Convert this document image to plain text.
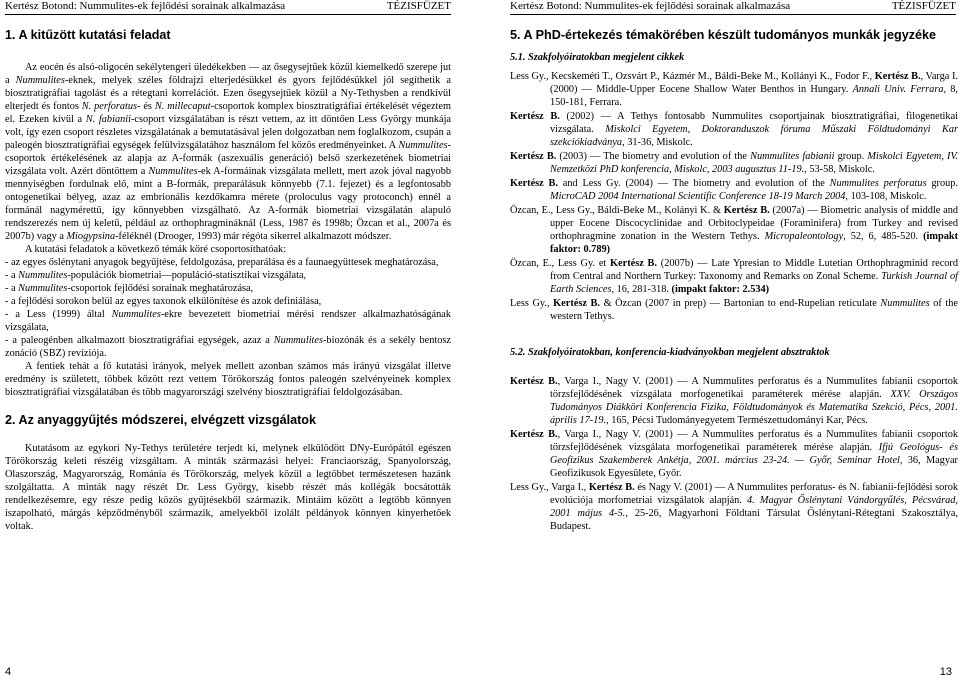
Kertész Botond: Nummulites-ek fejlődési sorainak alkalmazása	TÉZISFÜZET
1. A kitűzött kutatási feladat

Az eocén és alsó-oligocén sekélytengeri üledékekben — az ősegysejtűek közül kiemelkedő szerepe jut a Nummulites-eknek, melyek széles földrajzi elterjedésükkel és gyors fejlődésükkel jól segíthetik a biosztratigráfiai tagolást és a rétegtani korrelációt. Ezen ősegysejtűek közül a Ny-Tethysben a rendkívül elterjedt és fontos N. perforatus- és N. millecaput-csoportok komplex biosztratigráfiai értékelését végeztem el. Ezeken kívül a N. fabianii-csoport vizsgálatában is részt vettem, az itt döntően Less György munkája volt, így ezen csoport részletes vizsgálatának a bemutatásával jelen dolgozatban nem foglalkozom, csupán a paleogén biosztratigráfiai egységek felülvizsgálatához használom fel közös eredményeinket. A Nummulites-csoportok értékelésének az alapja az A-formák (aszexuális generáció) belső szerkezetének biometriai vizsgálata volt. Azért döntöttem a Nummulites-ek A-formáinak vizsgálata mellett, mert azok jóval nagyobb mennyiségben fordulnak elő, mint a B-formák, preparálásuk könnyebb (7.1. fejezet) és a legfontosabb ontogenetikai bélyeg, azaz az embrionális kezdőkamra mérete (proloculus vagy protoconch) ennél a formánál nagymérettű, így könnyebben vizsgálható. Az A-formák biometriai vizsgálatán alapuló rendszerezés nem új keletű, például az orthophragmináknál (Less, 1987 és 1998b; Özcan et al., 2007a és 2007b) vagy a Miogypsina-féléknél (Drooger, 1993) már régóta sikerrel alkalmazott módszer.

A kutatási feladatok a következő témák köré csoportosíthatóak:

- az egyes őslénytani anyagok begyűjtése, feldolgozása, preparálása és a faunaegyüttesek meghatározása,

- a Nummulites-populációk biometriai—populáció-statisztikai vizsgálata,

- a Nummulites-csoportok fejlődési sorainak meghatározása,

- a fejlődési sorokon belül az egyes taxonok elkülönítése és azok definiálása,

- a Less (1999) által Nummulites-ekre bevezetett biometriai mérési rendszer alkalmazhatóságának vizsgálata,

- a paleogénben alkalmazott biosztratigráfiai egységek, azaz a Nummulites-biozónák és a sekély bentosz zonáció (SBZ) revíziója.

A fentiek tehát a fő kutatási irányok, melyek mellett azonban számos más irányú vizsgálat illetve eredmény is született, többek között rezt vettem Törökország fontos paleogén szelvényeinek komplex biosztratigráfiai vizsgálatában és több magyarországi szelvény biosztratigráfiai feldolgozásában.

2. Az anyaggyűjtés módszerei, elvégzett vizsgálatok

Kutatásom az egykori Ny-Tethys területére terjedt ki, melynek elkülödött DNy-Európától egészen Törökország keleti részéig vizsgáltam. A minták származási helyei: Franciaország, Spanyolország, Olaszország, Magyarország, Románia és Törökország, melyek közül a legtöbbet természetesen hazánk szolgáltatta. A minták nagy részét Dr. Less György, kisebb részét más kollégák bocsátották rendelkezésemre, egy része pedig közös gyűjtésekből származik. Mintáim között a legtöbb könnyen iszapolható, márgás képződményből származik, amelyekből izolált példányok könnyen kinyerhetőek voltak.

4
Kertész Botond: Nummulites-ek fejlődési sorainak alkalmazása	TÉZISFÜZET
5. A PhD-értekezés témakörében készült tudományos munkák jegyzéke
5.1. Szakfolyóiratokban megjelent cikkek

Less Gy., Kecskeméti T., Ozsvárt P., Kázmér M., Báldi-Beke M., Kollányi K., Fodor F., Kertész B., Varga I. (2000) — Middle-Upper Eocene Shallow Water Benthos in Hungary. Annali Univ. Ferrara, 8, 150-181, Ferrara.

Kertész B. (2002) — A Tethys fontosabb Nummulites csoportjainak biosztratigráfiai, filogenetikai vizsgálata. Miskolci Egyetem, Doktoranduszok fóruma Műszaki Földtudományi Kar szekciókiadványa, 31-36, Miskolc.

Kertész B. (2003) — The biometry and evolution of the Nummulites fabianii group. Miskolci Egyetem, IV. Nemzetközi PhD konferencia, Miskolc, 2003 augusztus 11-19., 53-58, Miskolc.

Kertész B. and Less Gy. (2004) — The biometry and evolution of the Nummulites perforatus group. MicroCAD 2004 International Scientific Conference 18-19 March 2004, 103-108, Miskolc.

Özcan, E., Less Gy., Báldi-Beke M., Kolányi K. & Kertész B. (2007a) — Biometric analysis of middle and upper Eocene Discocyclinidae and Orbitoclypeidae (Foraminifera) from Turkey and revised orthophragmine zonation in the Western Tethys. Micropaleontology, 52, 6, 485-520. (impakt faktor: 0.789)

Özcan, E., Less Gy. et Kertész B. (2007b) — Late Ypresian to Middle Lutetian Orthophragminid record from Central and Northern Turkey: Taxonomy and Remarks on Zonal Scheme. Turkish Journal of Earth Sciences, 16, 281-318. (impakt faktor: 2.534)

Less Gy., Kertész B. & Özcan (2007 in prep) — Bartonian to end-Rupelian reticulate Nummulites of the western Tethys.

5.2. Szakfolyóiratokban, konferencia-kiadványokban megjelent absztraktok

Kertész B., Varga I., Nagy V. (2001) — A Nummulites perforatus és a Nummulites fabianii csoportok törzsfejlődésének vizsgálata morfogenetikai paraméterek mérése alapján. XXV. Országos Tudományos Diákköri Konferencia Fizika, Földtudományok és Matematika Szekció, Pécs, 2001. április 17-19., 165, Pécsi Tudományegyetem Természettudományi Kar, Pécs.

Kertész B., Varga I., Nagy V. (2001) — A Nummulites perforatus és a Nummulites fabianii csoportok törzsfejlődésének vizsgálata morfogenetikai paraméterek mérése alapján. Ifjú Geológus- és Geofizikus Szakemberek Ankétja, 2001. március 23-24. — Győr, Seminar Hotel, 36, Magyar Geofizikusok Egyesülete, Győr.

Less Gy., Varga I., Kertész B. és Nagy V. (2001) — A Nummulites perforatus- és N. fabianii-fejlődési sorok evolúciója morfometriai vizsgálatok alapján. 4. Magyar Őslénytani Vándorgyűlés, Pécsvárad, 2001 május 4-5., 25-26, Magyarhoni Földtani Társulat Őslénytani-Rétegtani Szakosztálya, Budapest.

13
